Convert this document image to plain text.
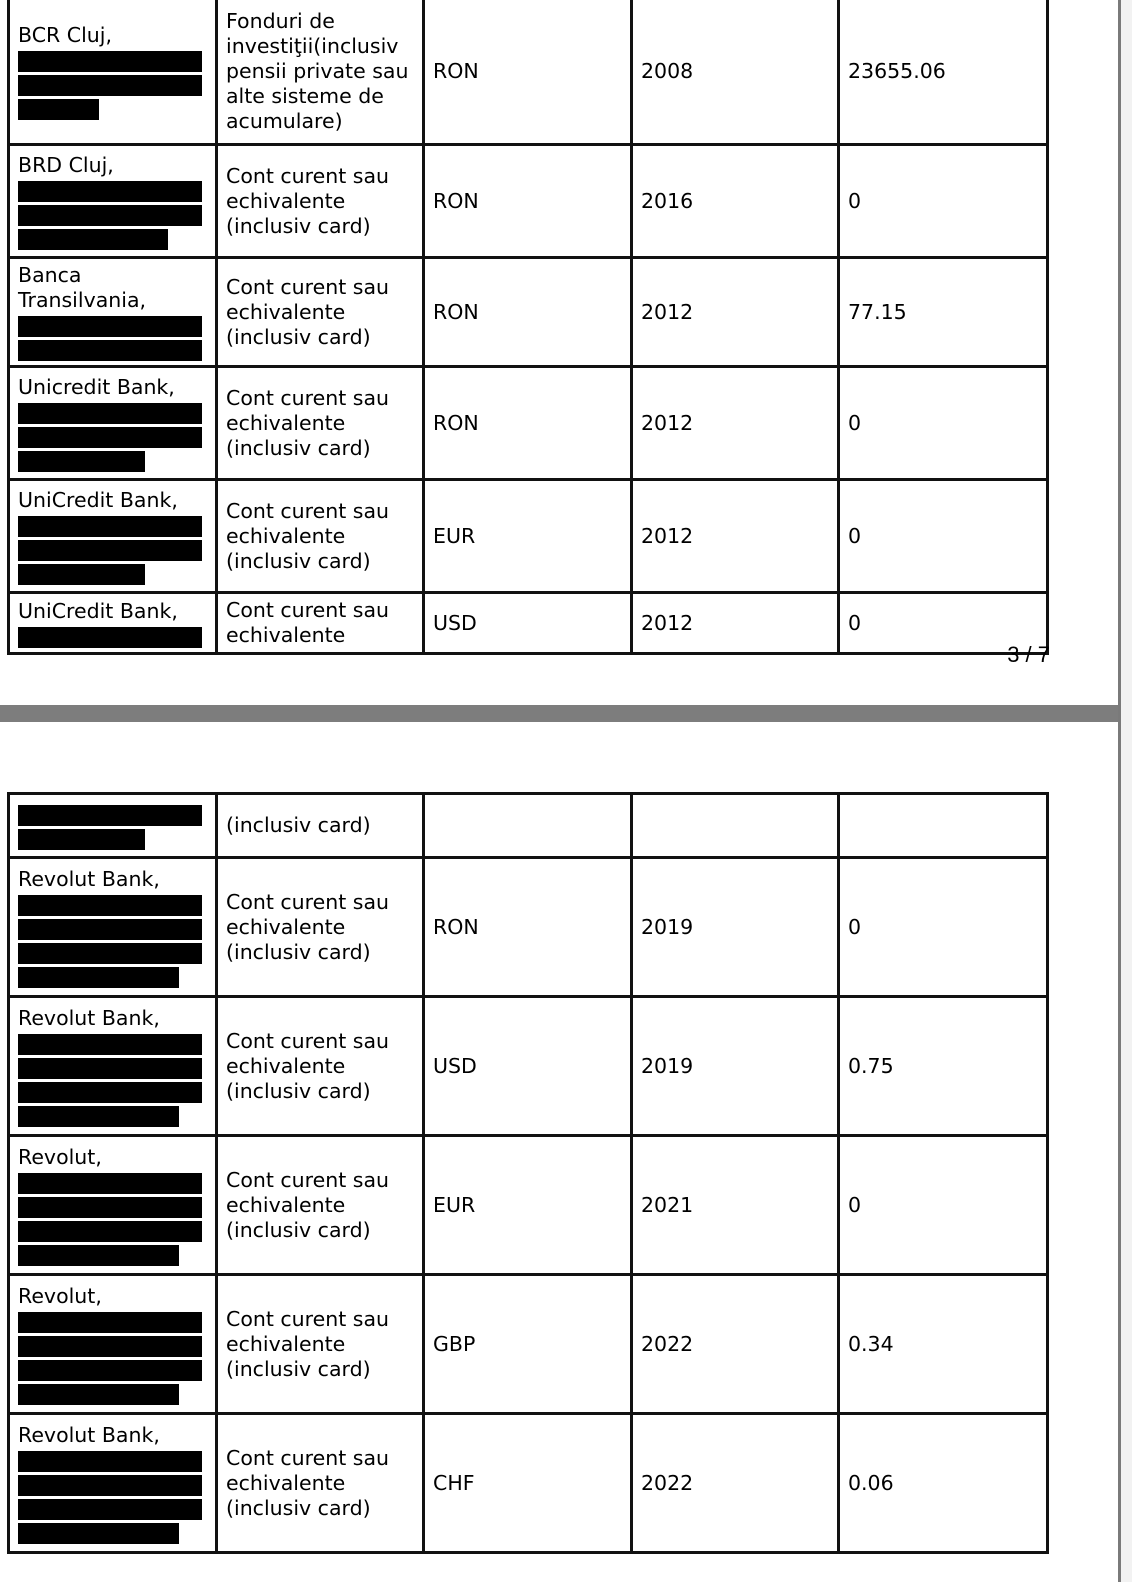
BCR Cluj,	Fonduri de investiţii(inclusiv pensii private sau alte sisteme de acumulare)	RON	2008	23655.06
BRD Cluj,	Cont curent sau echivalente (inclusiv card)	RON	2016	0
Banca Transilvania,	Cont curent sau echivalente (inclusiv card)	RON	2012	77.15
Unicredit Bank,	Cont curent sau echivalente (inclusiv card)	RON	2012	0
UniCredit Bank,	Cont curent sau echivalente (inclusiv card)	EUR	2012	0
UniCredit Bank,	Cont curent sau echivalente	USD	2012	0
3 / 7
	(inclusiv card)			
Revolut Bank,	Cont curent sau echivalente (inclusiv card)	RON	2019	0
Revolut Bank,	Cont curent sau echivalente (inclusiv card)	USD	2019	0.75
Revolut,	Cont curent sau echivalente (inclusiv card)	EUR	2021	0
Revolut,	Cont curent sau echivalente (inclusiv card)	GBP	2022	0.34
Revolut Bank,	Cont curent sau echivalente (inclusiv card)	CHF	2022	0.06
